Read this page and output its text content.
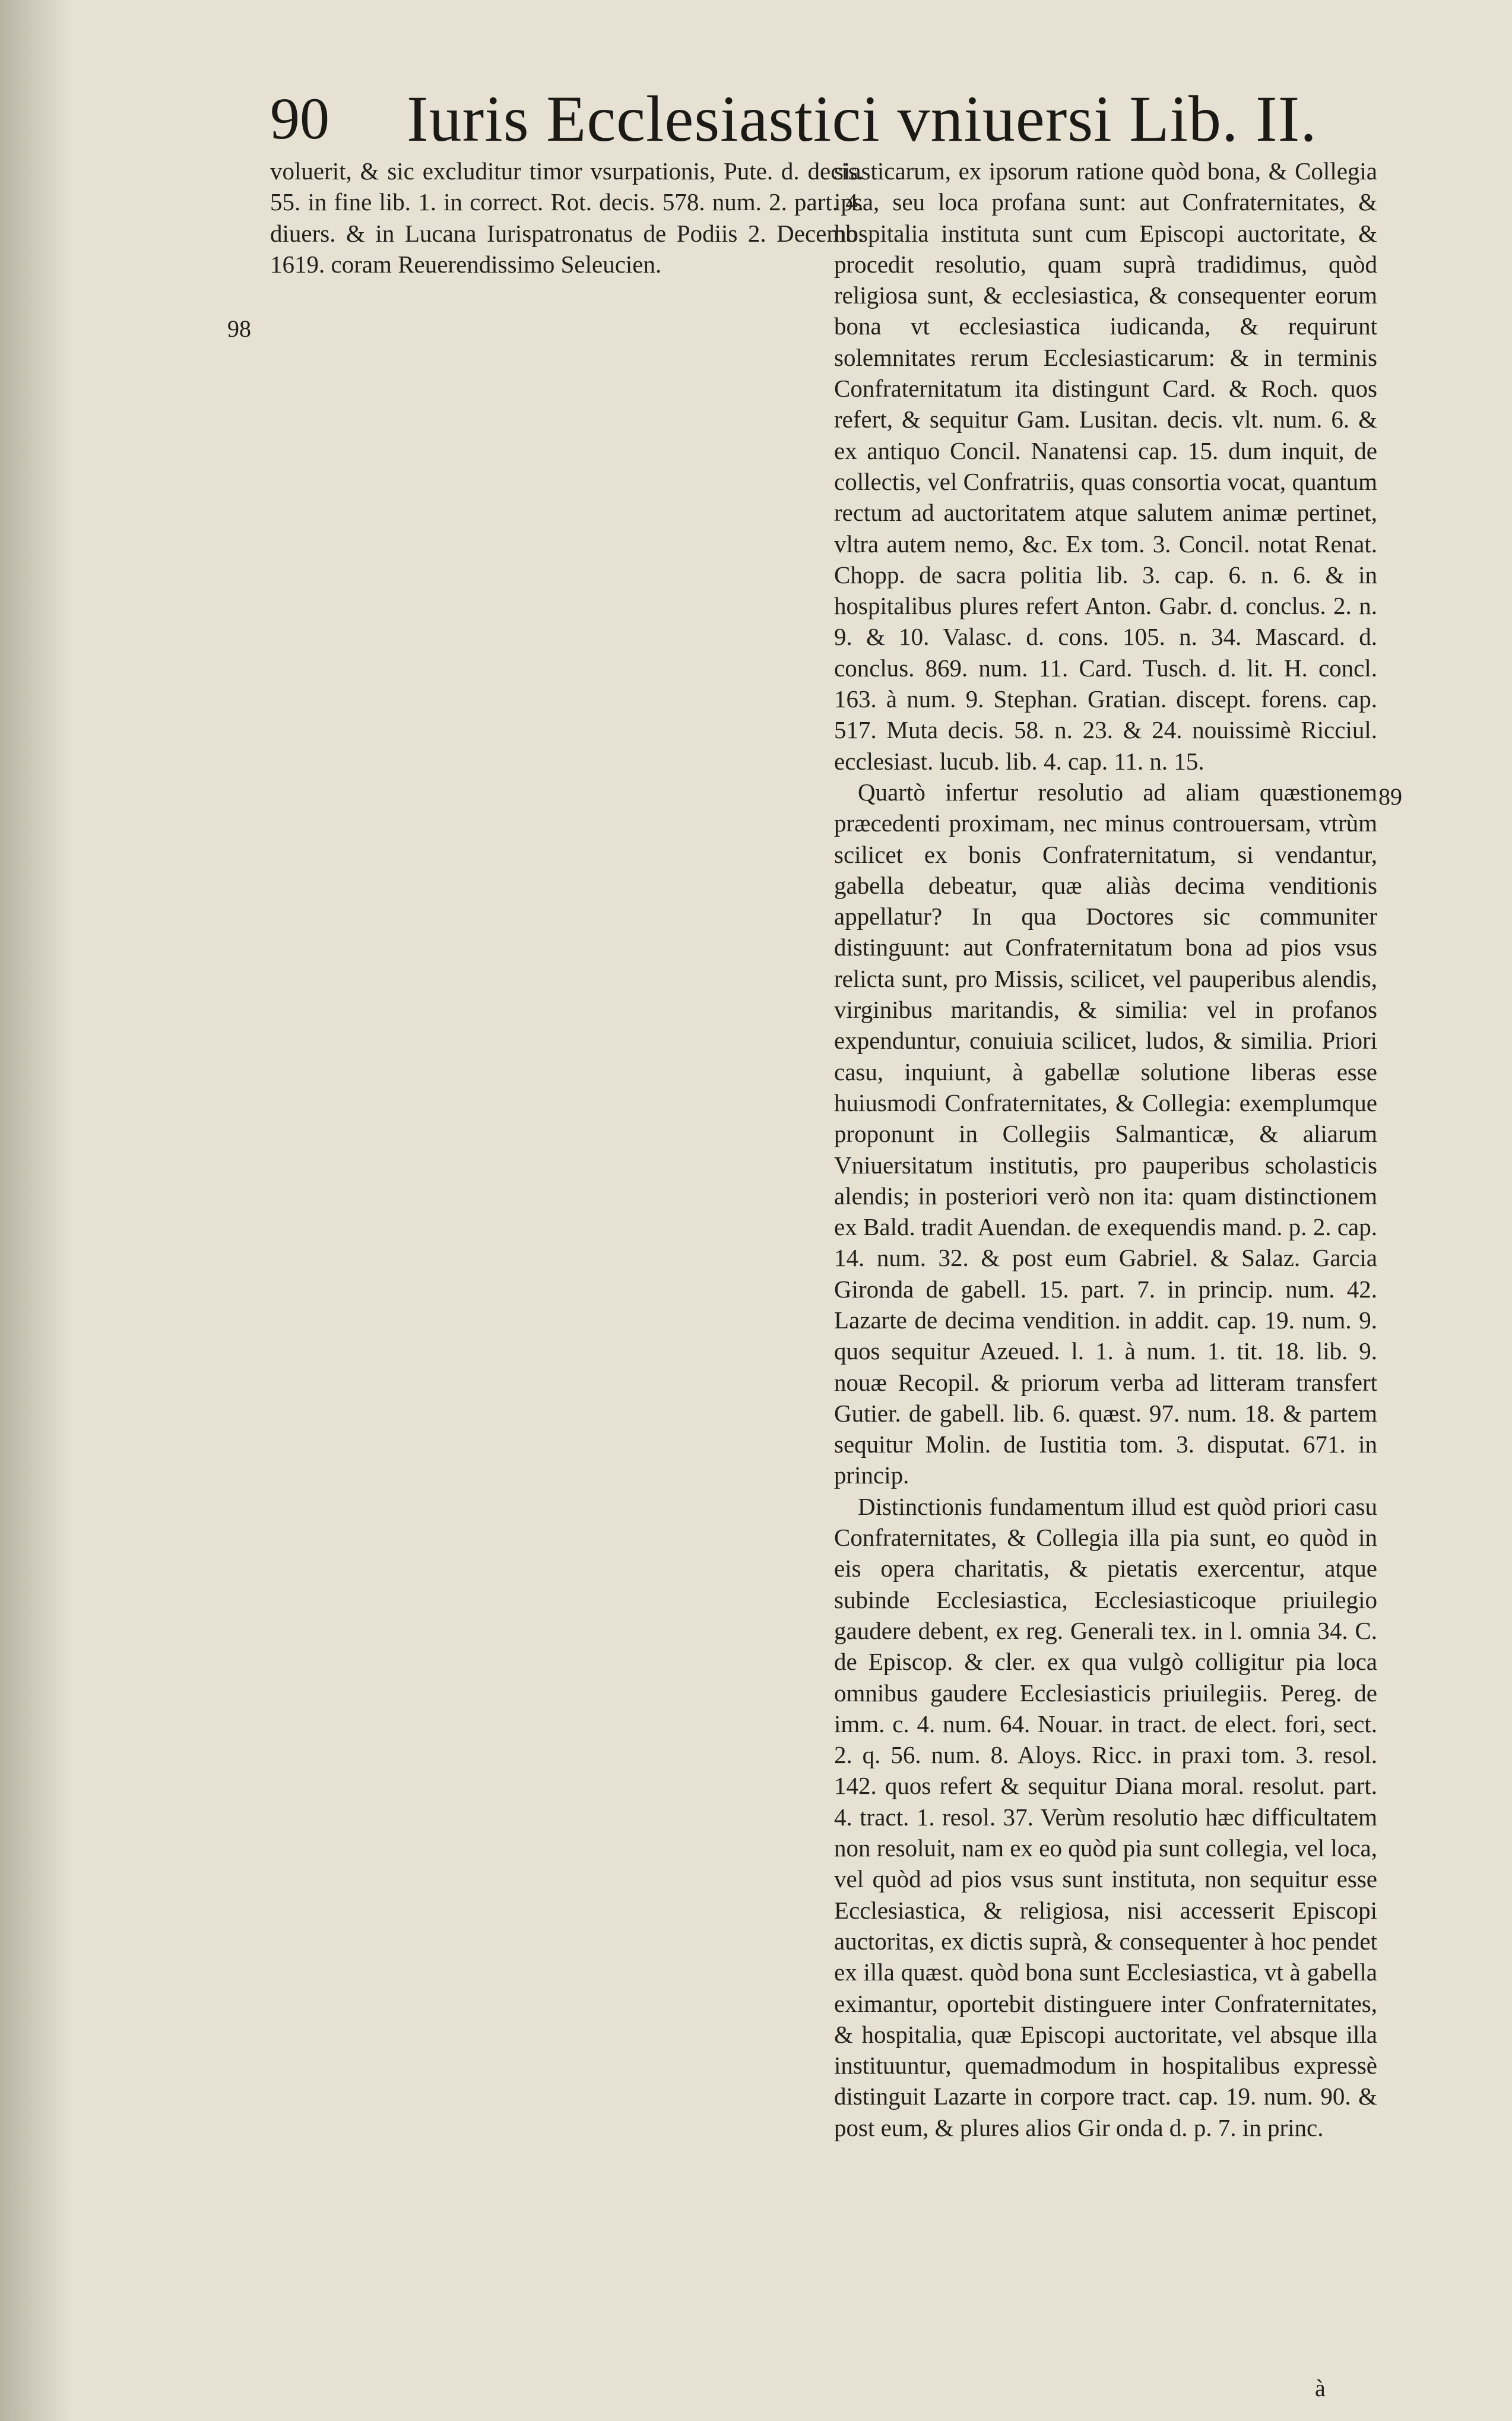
90 Iuris Ecclesiastici vniuersi Lib. II.
98
89

voluerit, & sic excluditur timor vsurpationis, Pute. d. decis. 55. in fine lib. 1. in correct. Rot. decis. 578. num. 2. part. 4. diuers. & in Lucana Iurispatronatus de Podiis 2. Decemb. 1619. coram Reuerendissimo Seleucien.

siasticarum, ex ipsorum ratione quòd bona, & Collegia ipsa, seu loca profana sunt: aut Confraternitates, & hospitalia instituta sunt cum Episcopi auctoritate, & procedit resolutio, quam suprà tradidimus, quòd religiosa sunt, & ecclesiastica, & consequenter eorum bona vt ecclesiastica iudicanda, & requirunt solemnitates rerum Ecclesiasticarum: & in terminis Confraternitatum ita distingunt Card. & Roch. quos refert, & sequitur Gam. Lusitan. decis. vlt. num. 6. & ex antiquo Concil. Nanatensi cap. 15. dum inquit, de collectis, vel Confratriis, quas consortia vocat, quantum rectum ad auctoritatem atque salutem animæ pertinet, vltra autem nemo, &c. Ex tom. 3. Concil. notat Renat. Chopp. de sacra politia lib. 3. cap. 6. n. 6. & in hospitalibus plures refert Anton. Gabr. d. conclus. 2. n. 9. & 10. Valasc. d. cons. 105. n. 34. Mascard. d. conclus. 869. num. 11. Card. Tusch. d. lit. H. concl. 163. à num. 9. Stephan. Gratian. discept. forens. cap. 517. Muta decis. 58. n. 23. & 24. nouissimè Ricciul. ecclesiast. lucub. lib. 4. cap. 11. n. 15.

Quartò infertur resolutio ad aliam quæstionem præcedenti proximam, nec minus controuersam, vtrùm scilicet ex bonis Confraternitatum, si vendantur, gabella debeatur, quæ aliàs decima venditionis appellatur? In qua Doctores sic communiter distinguunt: aut Confraternitatum bona ad pios vsus relicta sunt, pro Missis, scilicet, vel pauperibus alendis, virginibus maritandis, & similia: vel in profanos expenduntur, conuiuia scilicet, ludos, & similia. Priori casu, inquiunt, à gabellæ solutione liberas esse huiusmodi Confraternitates, & Collegia: exemplumque proponunt in Collegiis Salmanticæ, & aliarum Vniuersitatum institutis, pro pauperibus scholasticis alendis; in posteriori verò non ita: quam distinctionem ex Bald. tradit Auendan. de exequendis mand. p. 2. cap. 14. num. 32. & post eum Gabriel. & Salaz. Garcia Gironda de gabell. 15. part. 7. in princip. num. 42. Lazarte de decima vendition. in addit. cap. 19. num. 9. quos sequitur Azeued. l. 1. à num. 1. tit. 18. lib. 9. nouæ Recopil. & priorum verba ad litteram transfert Gutier. de gabell. lib. 6. quæst. 97. num. 18. & partem sequitur Molin. de Iustitia tom. 3. disputat. 671. in princip.

Distinctionis fundamentum illud est quòd priori casu Confraternitates, & Collegia illa pia sunt, eo quòd in eis opera charitatis, & pietatis exercentur, atque subinde Ecclesiastica, Ecclesiasticoque priuilegio gaudere debent, ex reg. Generali tex. in l. omnia 34. C. de Episcop. & cler. ex qua vulgò colligitur pia loca omnibus gaudere Ecclesiasticis priuilegiis. Pereg. de imm. c. 4. num. 64. Nouar. in tract. de elect. fori, sect. 2. q. 56. num. 8. Aloys. Ricc. in praxi tom. 3. resol. 142. quos refert & sequitur Diana moral. resolut. part. 4. tract. 1. resol. 37. Verùm resolutio hæc difficultatem non resoluit, nam ex eo quòd pia sunt collegia, vel loca, vel quòd ad pios vsus sunt instituta, non sequitur esse Ecclesiastica, & religiosa, nisi accesserit Episcopi auctoritas, ex dictis suprà, & consequenter à hoc pendet ex illa quæst. quòd bona sunt Ecclesiastica, vt à gabella eximantur, oportebit distinguere inter Confraternitates, & hospitalia, quæ Episcopi auctoritate, vel absque illa instituuntur, quemadmodum in hospitalibus expressè distinguit Lazarte in corpore tract. cap. 19. num. 90. & post eum, & plures alios Gir onda d. p. 7. in princ.

à
